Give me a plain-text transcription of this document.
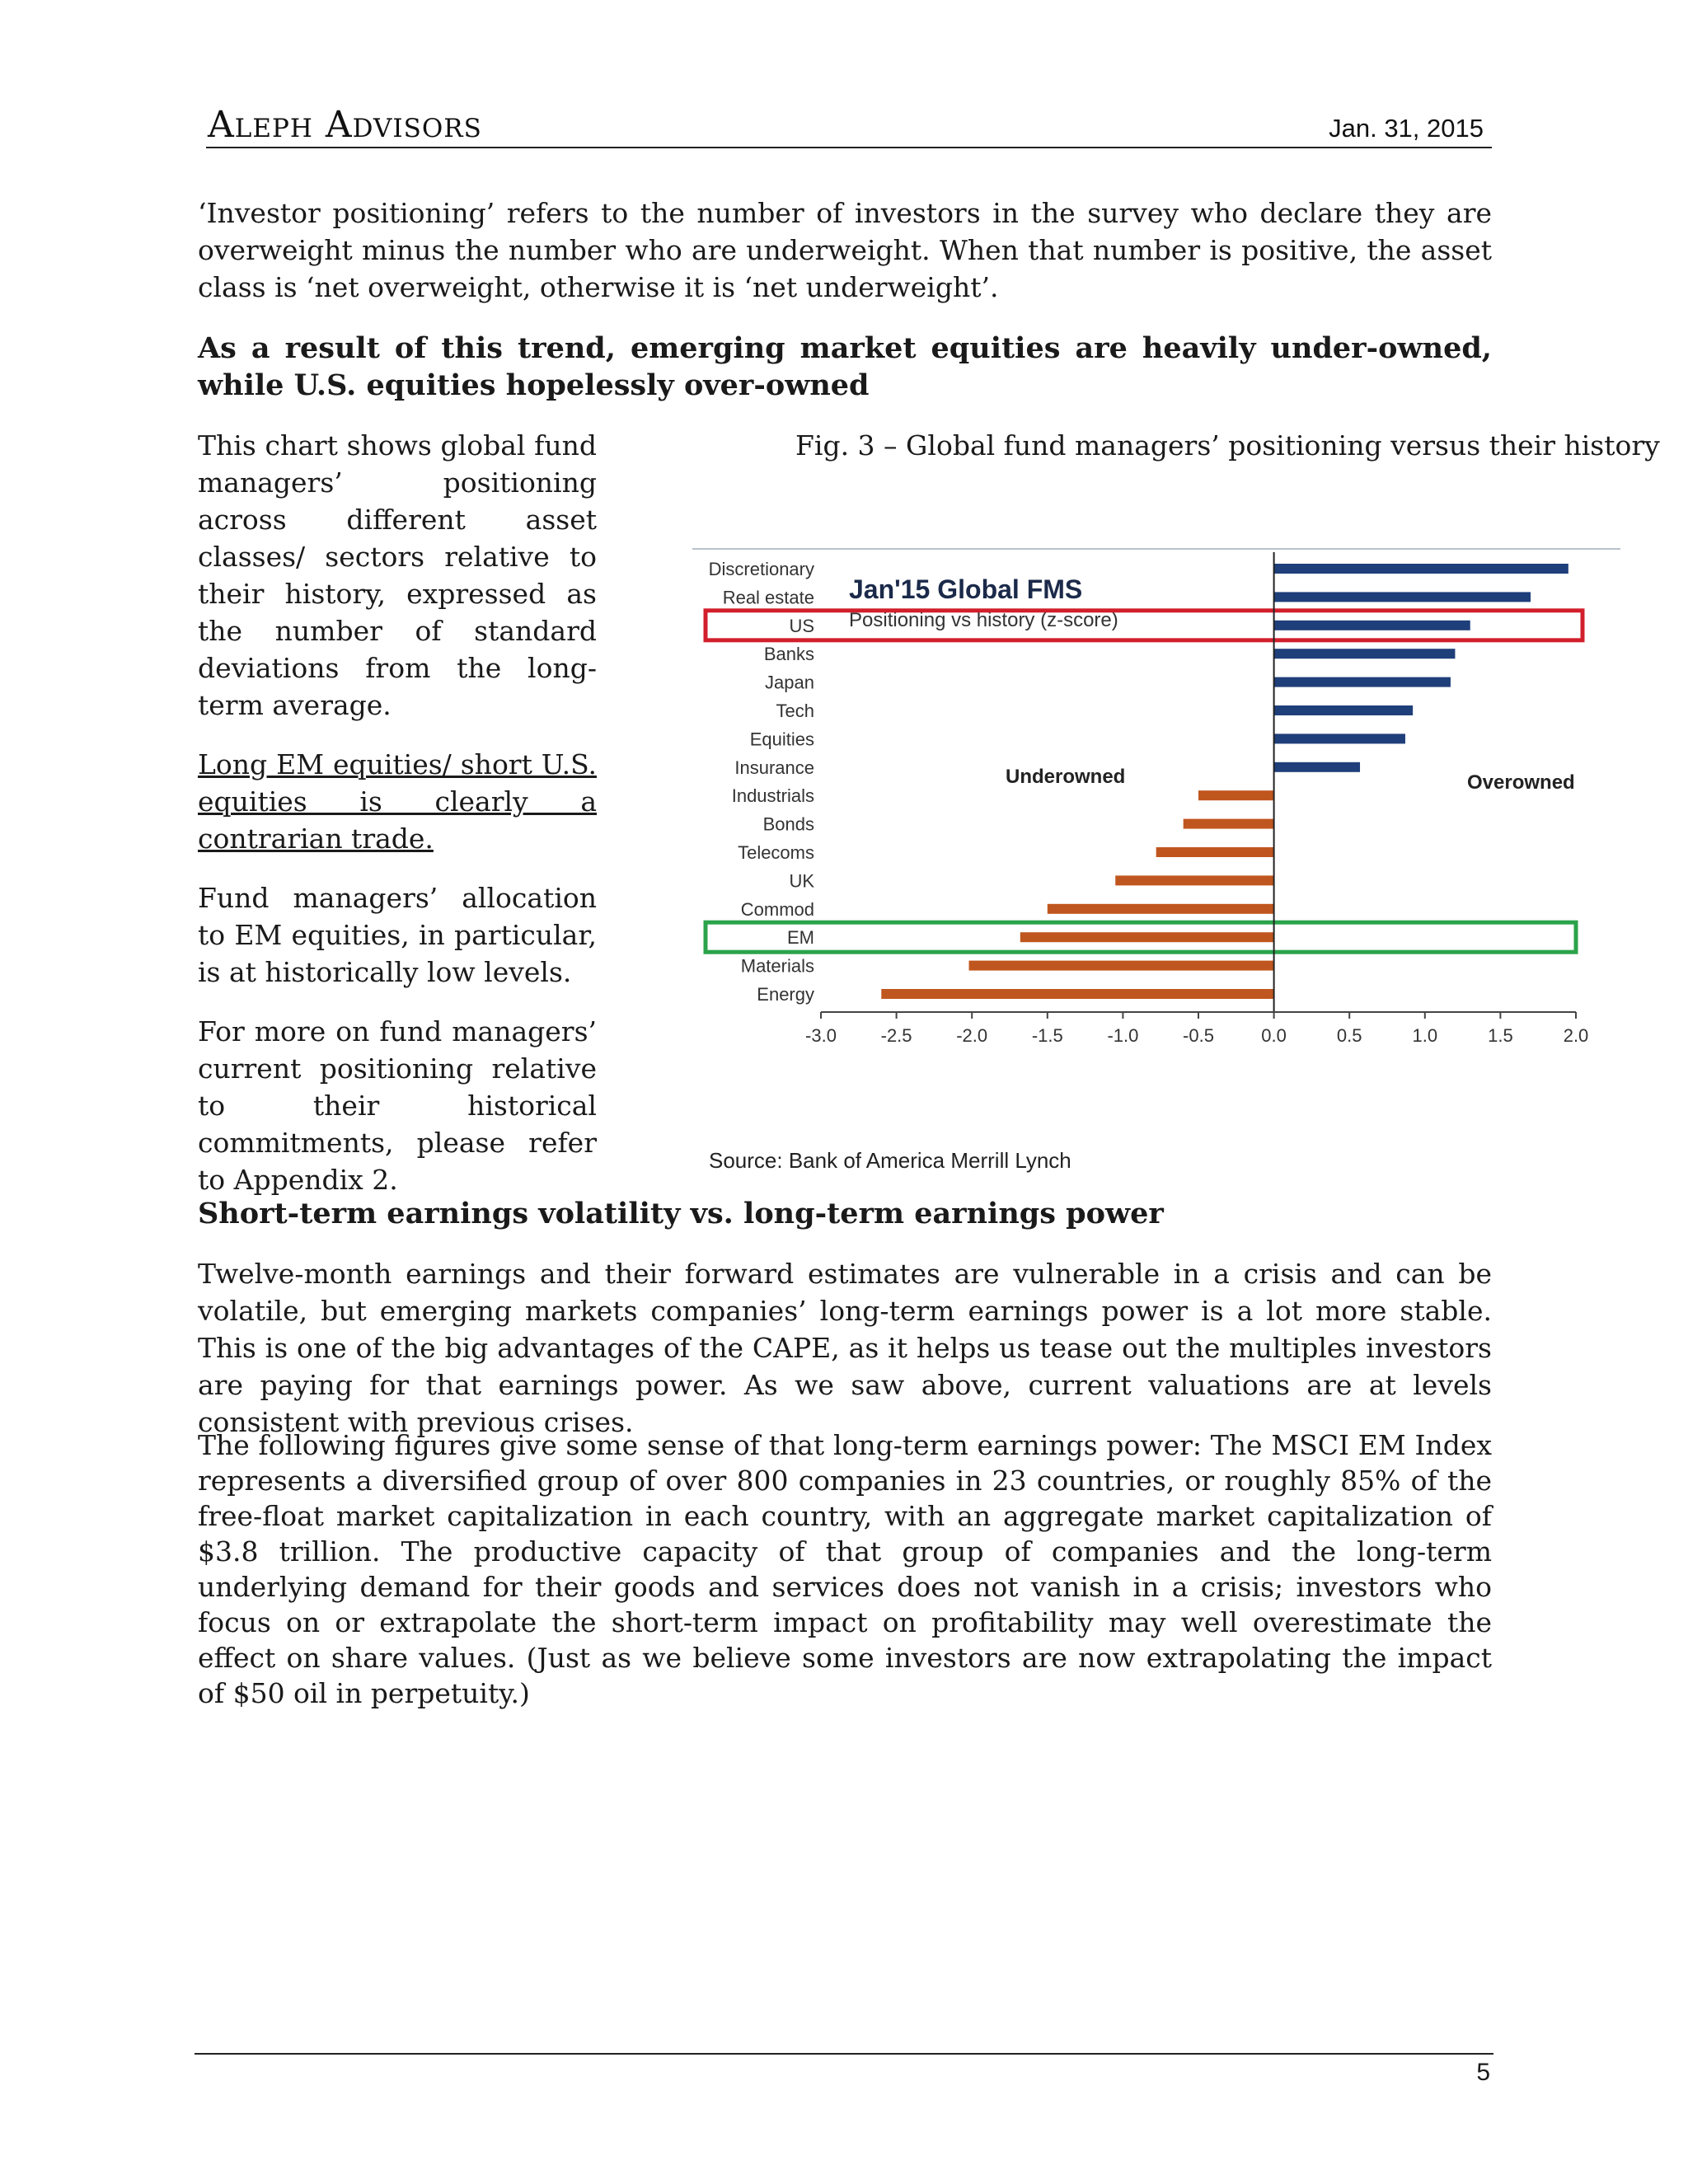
Aleph Advisors	Jan. 31, 2015
‘Investor positioning’ refers to the number of investors in the survey who declare they are overweight minus the number who are underweight. When that number is positive, the asset class is ‘net overweight, otherwise it is ‘net underweight’.
As a result of this trend, emerging market equities are heavily under-owned, while U.S. equities hopelessly over-owned

This chart shows global fund managers’ positioning across different asset classes/ sectors relative to their history, expressed as the number of standard deviations from the long-term average.

Long EM equities/ short U.S. equities is clearly a contrarian trade.

Fund managers’ allocation to EM equities, in particular, is at historically low levels.

For more on fund managers’ current positioning relative to their historical commitments, please refer to Appendix 2.

Fig. 3 – Global fund managers’ positioning versus their history
Jan'15 Global FMS
Positioning vs history (z-score)
Underowned	Overowned
Discretionary
Real estate
US
Banks
Japan
Tech
Equities
Insurance
Industrials
Bonds
Telecoms
UK
Commod
EM
Materials
Energy
-3.0 -2.5 -2.0 -1.5 -1.0 -0.5	0.0	0.5	1.0	1.5	2.0
Source: Bank of America Merrill Lynch
Short-term earnings volatility vs. long-term earnings power
Twelve-month earnings and their forward estimates are vulnerable in a crisis and can be volatile, but emerging markets companies’ long-term earnings power is a lot more stable. This is one of the big advantages of the CAPE, as it helps us tease out the multiples investors are paying for that earnings power. As we saw above, current valuations are at levels consistent with previous crises.
The following figures give some sense of that long-term earnings power: The MSCI EM Index represents a diversified group of over 800 companies in 23 countries, or roughly 85% of the free-float market capitalization in each country, with an aggregate market capitalization of $3.8 trillion. The productive capacity of that group of companies and the long-term underlying demand for their goods and services does not vanish in a crisis; investors who focus on or extrapolate the short-term impact on profitability may well overestimate the effect on share values. (Just as we believe some investors are now extrapolating the impact of $50 oil in perpetuity.)
5
